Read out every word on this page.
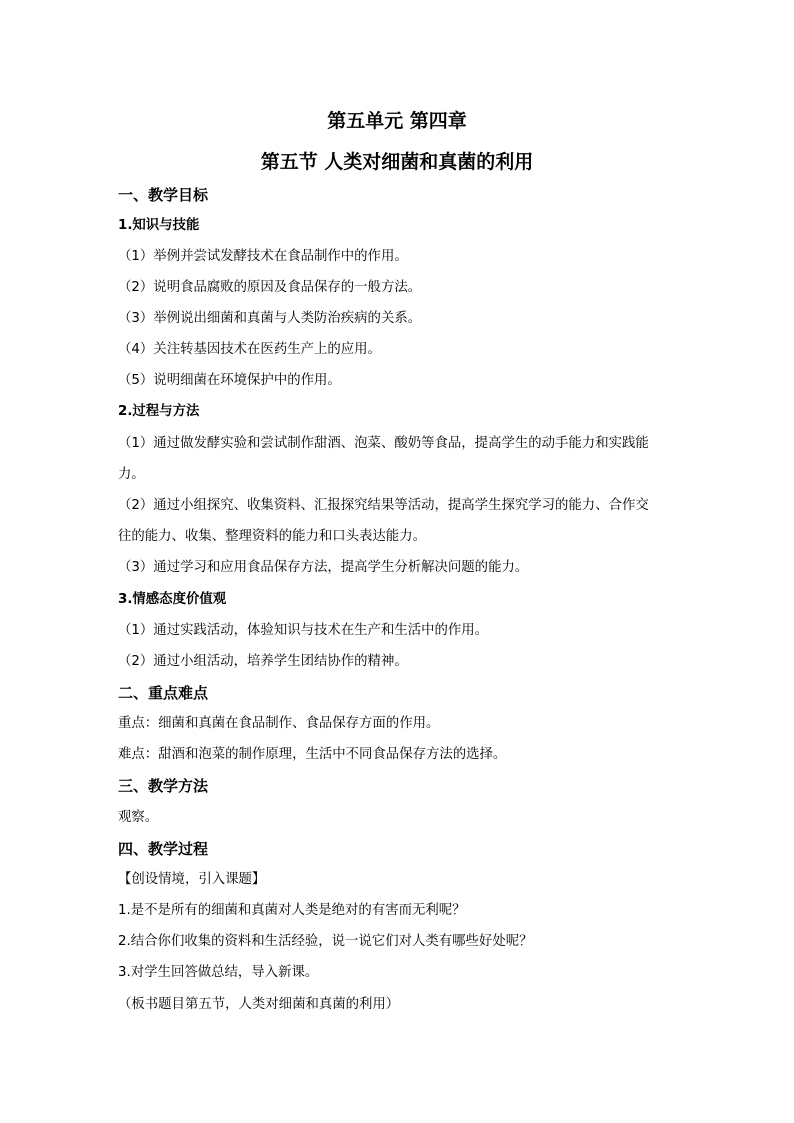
第五单元 第四章
第五节 人类对细菌和真菌的利用
一、教学目标
1.知识与技能
（1）举例并尝试发酵技术在食品制作中的作用。
（2）说明食品腐败的原因及食品保存的一般方法。
（3）举例说出细菌和真菌与人类防治疾病的关系。
（4）关注转基因技术在医药生产上的应用。
（5）说明细菌在环境保护中的作用。
2.过程与方法
（1）通过做发酵实验和尝试制作甜酒、泡菜、酸奶等食品，提高学生的动手能力和实践能
力。
（2）通过小组探究、收集资料、汇报探究结果等活动，提高学生探究学习的能力、合作交
往的能力、收集、整理资料的能力和口头表达能力。
（3）通过学习和应用食品保存方法，提高学生分析解决问题的能力。
3.情感态度价值观
（1）通过实践活动，体验知识与技术在生产和生活中的作用。
（2）通过小组活动，培养学生团结协作的精神。
二、重点难点
重点：细菌和真菌在食品制作、食品保存方面的作用。
难点：甜酒和泡菜的制作原理，生活中不同食品保存方法的选择。
三、教学方法
观察。
四、教学过程
【创设情境，引入课题】
1.是不是所有的细菌和真菌对人类是绝对的有害而无利呢？
2.结合你们收集的资料和生活经验，说一说它们对人类有哪些好处呢？
3.对学生回答做总结，导入新课。
（板书题目第五节，人类对细菌和真菌的利用）
